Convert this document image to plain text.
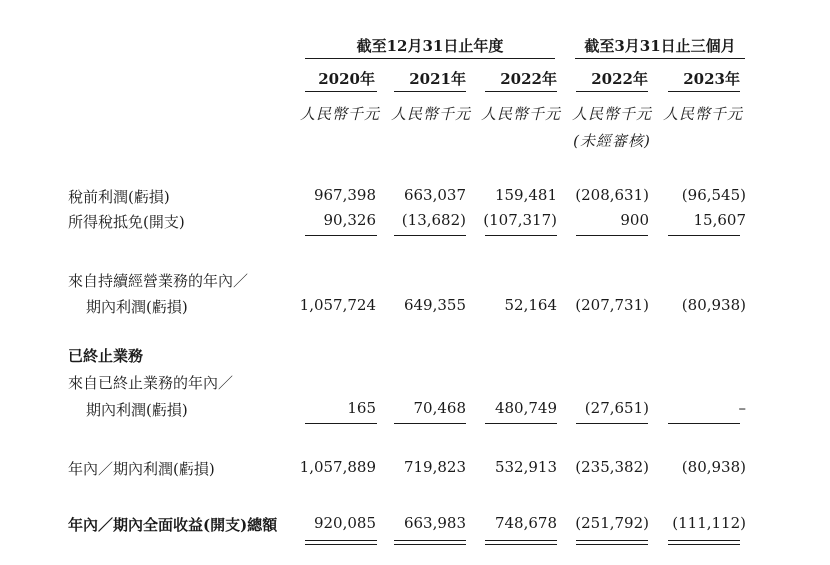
截至12月31日止年度	截至3月31日止三個月
2020年	2021年	2022年	2022年	2023年
人民幣千元 人民幣千元 人民幣千元 人民幣千元 人民幣千元
(未經審核)
稅前利潤(虧損)	967,398	663,037	159,481	(208,631)	(96,545)
所得稅抵免(開支)	90,326	(13,682)	(107,317)	900	15,607
來自持續經營業務的年內／
期內利潤(虧損)	1,057,724	649,355	52,164	(207,731)	(80,938)
已終止業務
來自已終止業務的年內／
期內利潤(虧損)	165	70,468	480,749	(27,651)	–
年內／期內利潤(虧損)	1,057,889	719,823	532,913	(235,382)	(80,938)
年內／期內全面收益(開支)總額	920,085	663,983	748,678	(251,792)	(111,112)
